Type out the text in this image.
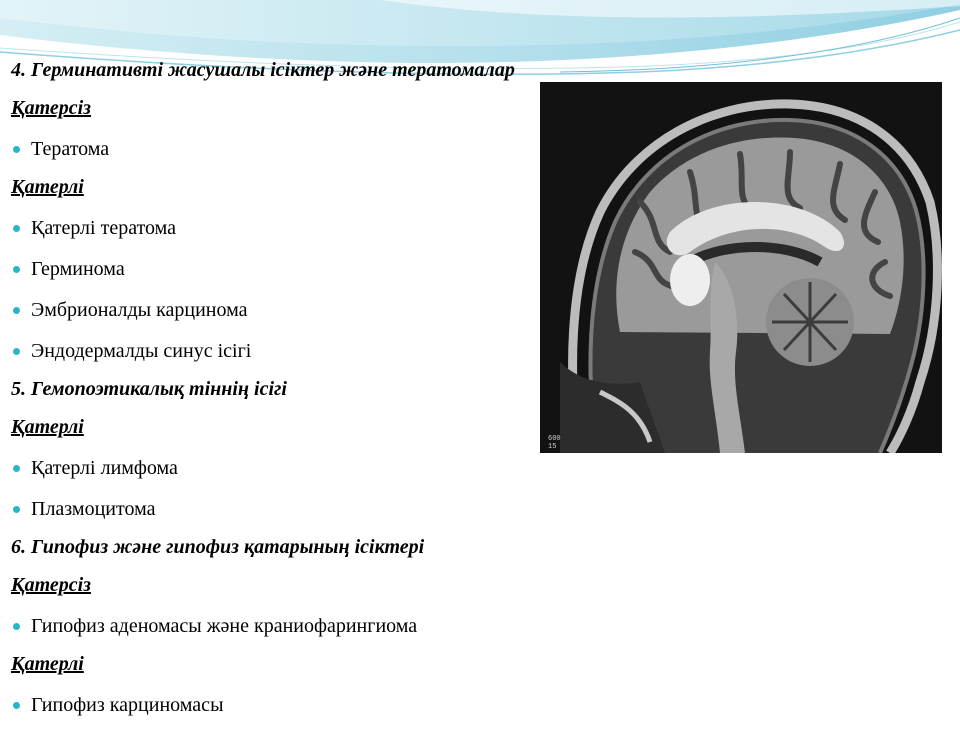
600
15
4. Герминативті жасушалы ісіктер және тератомалар
Қатерсіз
Тератома
Қатерлі
Қатерлі тератома
Герминома
Эмбрионалды карцинома
Эндодермалды синус ісігі
5. Гемопоэтикалық тіннің ісігі
Қатерлі
Қатерлі лимфома
Плазмоцитома
6. Гипофиз және гипофиз қатарының ісіктері
Қатерсіз
Гипофиз аденомасы және краниофарингиома
Қатерлі
Гипофиз карциномасы
